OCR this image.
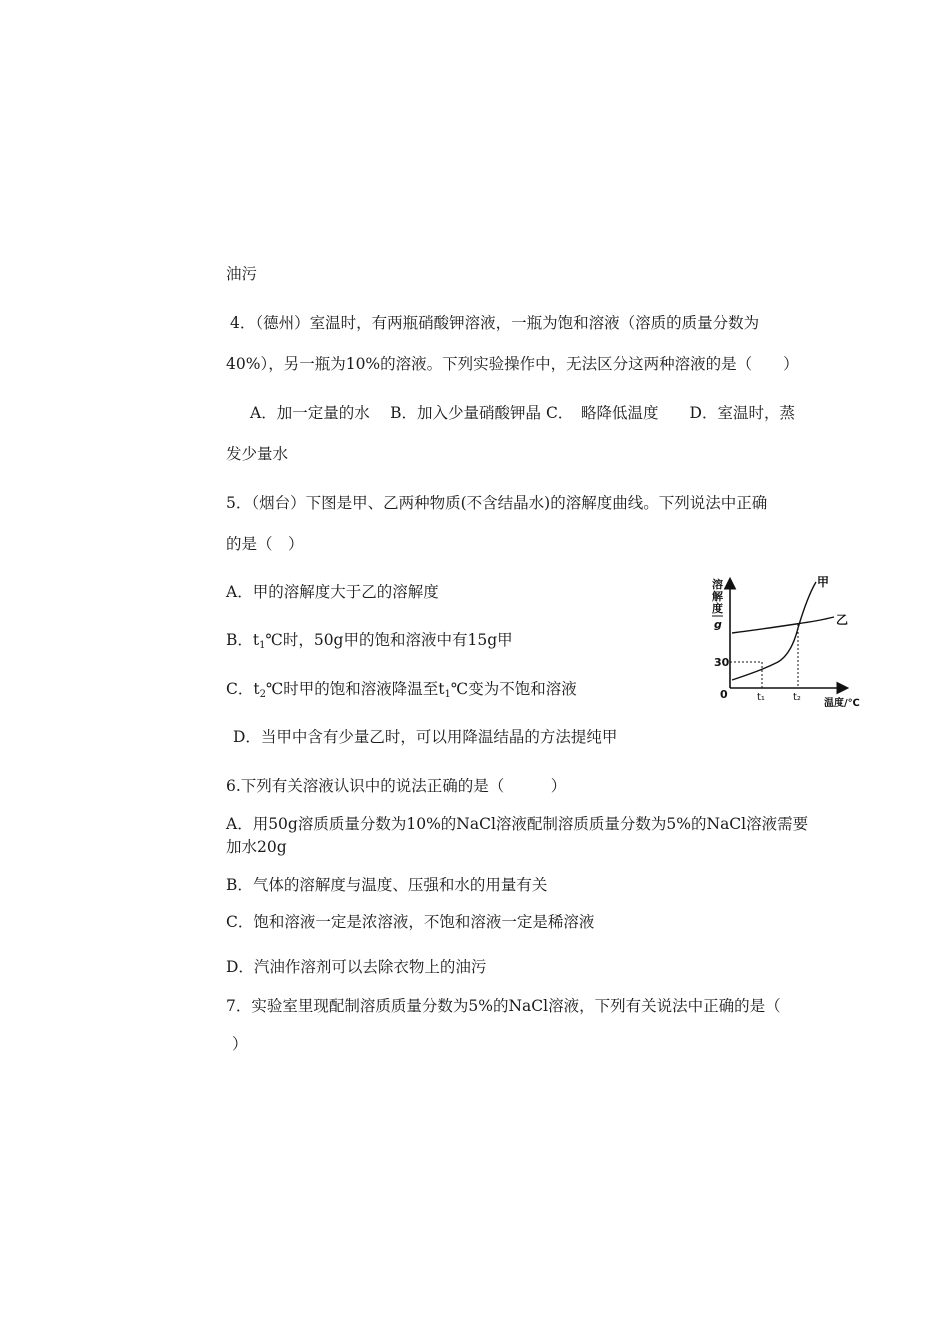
油污
4．（德州）室温时，有两瓶硝酸钾溶液，一瓶为饱和溶液（溶质的质量分数为
40%），另一瓶为10%的溶液。下列实验操作中，无法区分这两种溶液的是（　　）
A．加一定量的水　 B．加入少量硝酸钾晶 C．　略降低温度　　D．室温时，蒸
发少量水
5．（烟台）下图是甲、乙两种物质(不含结晶水)的溶解度曲线。下列说法中正确
的是（　）
A．甲的溶解度大于乙的溶解度
B．$t_1℃$时，50g甲的饱和溶液中有15g甲
C．$t_2℃$时甲的饱和溶液降温至$t_1℃$变为不饱和溶液
D．当甲中含有少量乙时，可以用降温结晶的方法提纯甲
溶
解
度
g
甲
乙
30
0	t₁	t₂
温度/℃
6.下列有关溶液认识中的说法正确的是（　　　）
A．用50g溶质质量分数为10%的NaCl溶液配制溶质质量分数为5%的NaCl溶液需要
加水20g
B．气体的溶解度与温度、压强和水的用量有关
C．饱和溶液一定是浓溶液，不饱和溶液一定是稀溶液
D．汽油作溶剂可以去除衣物上的油污
7．实验室里现配制溶质质量分数为5%的NaCl溶液，下列有关说法中正确的是（
）
